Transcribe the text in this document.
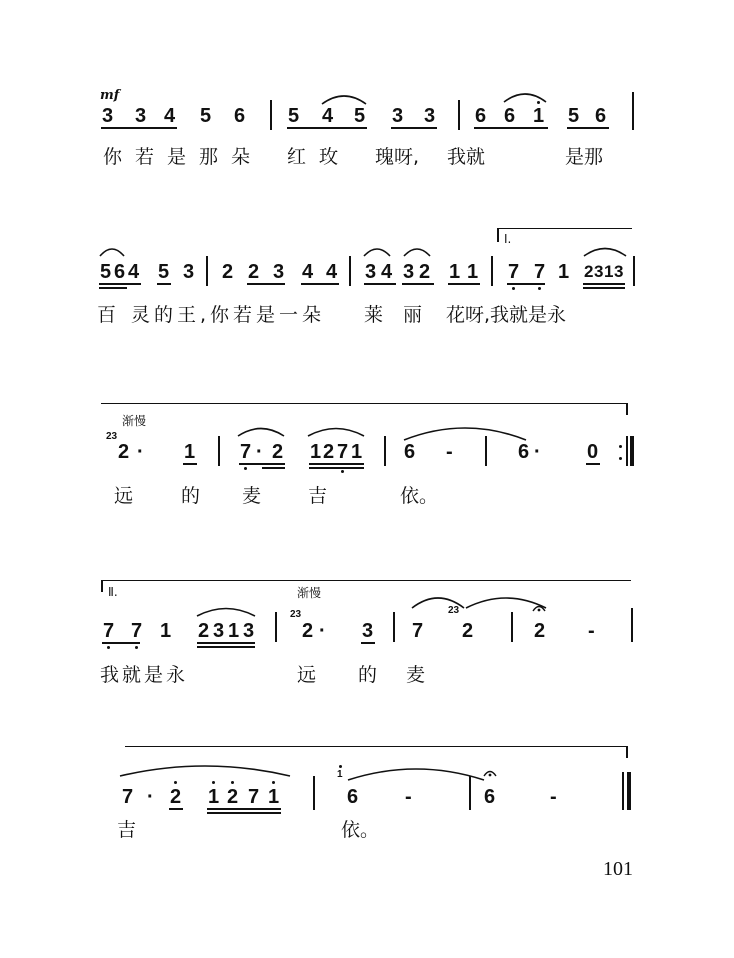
mf
3 3 4 5 6 5 4 5 3 3 6 6 1 5 6
你若是那朵 红玫 瑰呀, 我就	是那
Ⅰ.
5 6 4 5 3 2 2 3 4 4 3 4 3 2 1 1 7 7 1 2 3 1 3
百 灵的王,你若是一朵 莱 丽 花呀,我就是永
渐慢
23
2 · 1 7 · 2 1 2 7 1 6 -	6 · 0
远	的 麦 吉	依。
Ⅱ.	渐慢
7 7 1 2 3 1 3
23
2 · 3 7
23
2	2 -
我就是永	远 的 麦
7 · 2 1 2 7 1
1
6 -	6	-
吉	依。
101
